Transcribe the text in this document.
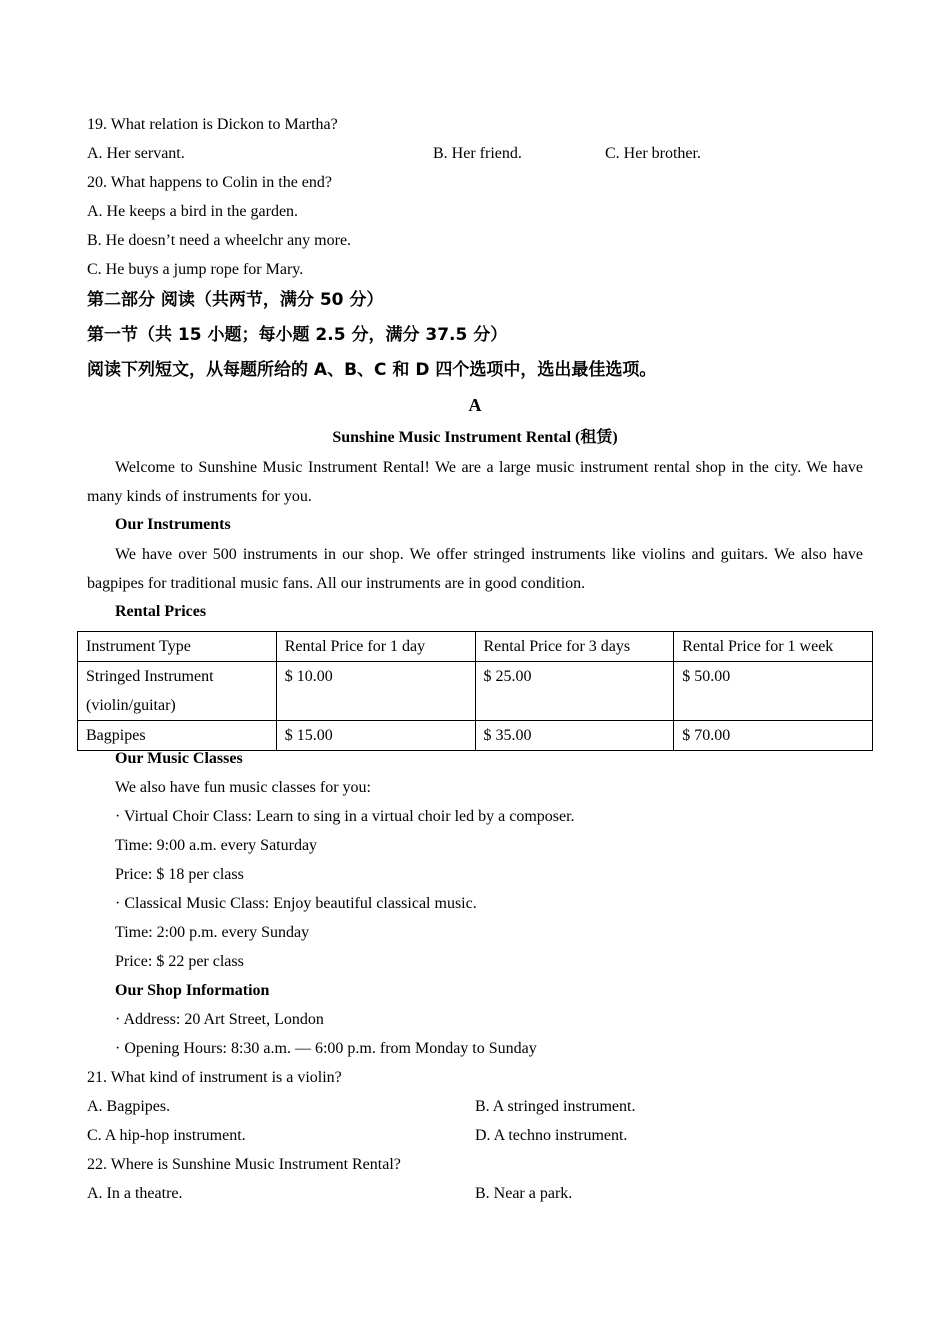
19. What relation is Dickon to Martha?
A. Her servant.	B. Her friend.	C. Her brother.
20. What happens to Colin in the end?
A. He keeps a bird in the garden.
B. He doesn’t need a wheelchr any more.
C. He buys a jump rope for Mary.
第二部分 阅读（共两节，满分 50 分）
第一节（共 15 小题；每小题 2.5 分，满分 37.5 分）
阅读下列短文，从每题所给的 A、B、C 和 D 四个选项中，选出最佳选项。
A
Sunshine Music Instrument Rental (租赁)
Welcome to Sunshine Music Instrument Rental! We are a large music instrument rental shop in the city. We have many kinds of instruments for you.
Our Instruments
We have over 500 instruments in our shop. We offer stringed instruments like violins and guitars. We also have bagpipes for traditional music fans. All our instruments are in good condition.
Rental Prices
Instrument Type	Rental Price for 1 day	Rental Price for 3 days	Rental Price for 1 week
Stringed Instrument (violin/guitar)	$ 10.00	$ 25.00	$ 50.00
Bagpipes	$ 15.00	$ 35.00	$ 70.00
Our Music Classes
We also have fun music classes for you:
· Virtual Choir Class: Learn to sing in a virtual choir led by a composer.
Time: 9:00 a.m. every Saturday
Price: $ 18 per class
· Classical Music Class: Enjoy beautiful classical music.
Time: 2:00 p.m. every Sunday
Price: $ 22 per class
Our Shop Information
· Address: 20 Art Street, London
· Opening Hours: 8:30 a.m. — 6:00 p.m. from Monday to Sunday
21. What kind of instrument is a violin?
A. Bagpipes.	B. A stringed instrument.
C. A hip-hop instrument.	D. A techno instrument.
22. Where is Sunshine Music Instrument Rental?
A. In a theatre.	B. Near a park.
